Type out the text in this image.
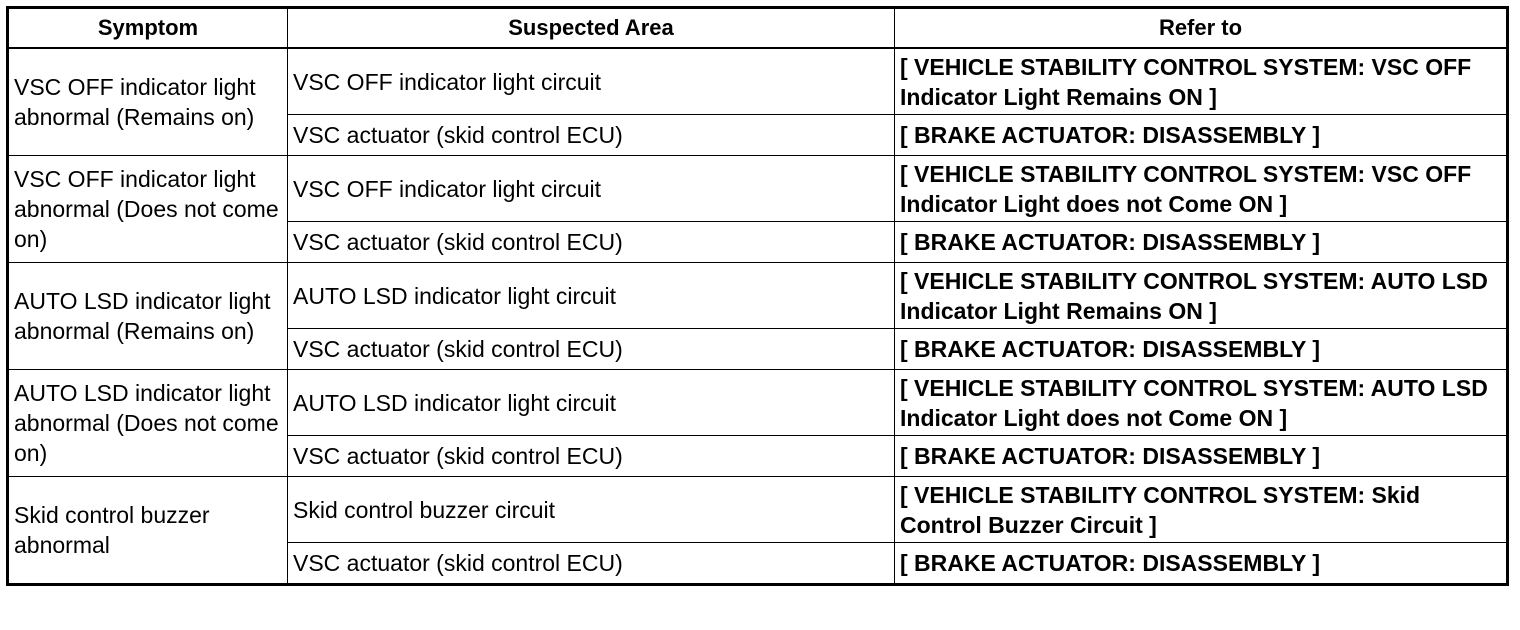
Symptom	Suspected Area	Refer to
VSC OFF indicator light abnormal (Remains on)	VSC OFF indicator light circuit	[ VEHICLE STABILITY CONTROL SYSTEM: VSC OFF Indicator Light Remains ON ]
	VSC actuator (skid control ECU)	[ BRAKE ACTUATOR: DISASSEMBLY ]
VSC OFF indicator light abnormal (Does not come on)	VSC OFF indicator light circuit	[ VEHICLE STABILITY CONTROL SYSTEM: VSC OFF Indicator Light does not Come ON ]
	VSC actuator (skid control ECU)	[ BRAKE ACTUATOR: DISASSEMBLY ]
AUTO LSD indicator light abnormal (Remains on)	AUTO LSD indicator light circuit	[ VEHICLE STABILITY CONTROL SYSTEM: AUTO LSD Indicator Light Remains ON ]
	VSC actuator (skid control ECU)	[ BRAKE ACTUATOR: DISASSEMBLY ]
AUTO LSD indicator light abnormal (Does not come on)	AUTO LSD indicator light circuit	[ VEHICLE STABILITY CONTROL SYSTEM: AUTO LSD Indicator Light does not Come ON ]
	VSC actuator (skid control ECU)	[ BRAKE ACTUATOR: DISASSEMBLY ]
Skid control buzzer abnormal	Skid control buzzer circuit	[ VEHICLE STABILITY CONTROL SYSTEM: Skid Control Buzzer Circuit ]
	VSC actuator (skid control ECU)	[ BRAKE ACTUATOR: DISASSEMBLY ]
